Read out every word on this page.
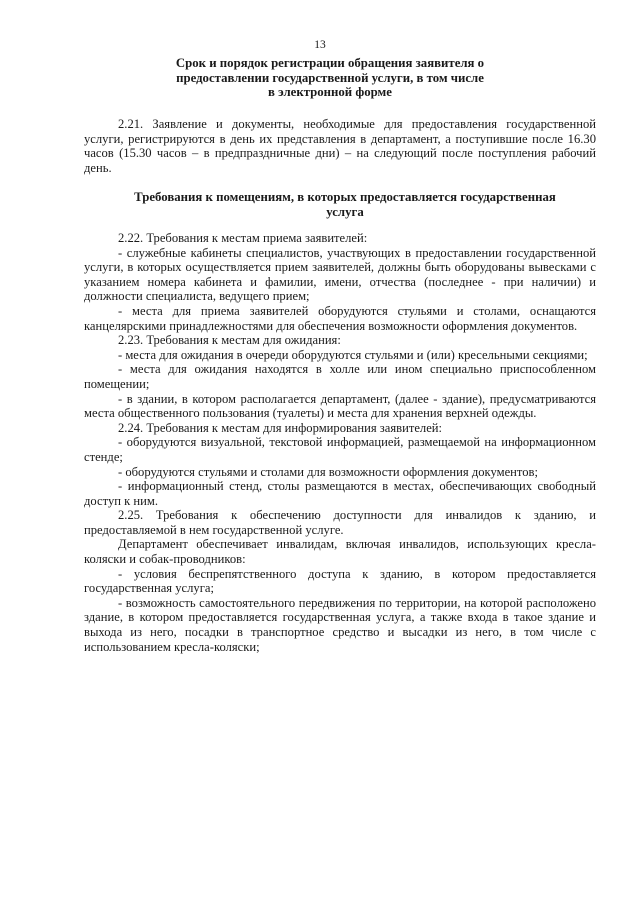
13
Срок и порядок регистрации обращения заявителя о
предоставлении государственной услуги, в том числе
в электронной форме

2.21. Заявление и документы, необходимые для предоставления государственной услуги, регистрируются в день их представления в департамент, а поступившие после 16.30 часов (15.30 часов – в предпраздничные дни) – на следующий после поступления рабочий день.

Требования к помещениям, в которых предоставляется государственная
услуга

2.22. Требования к местам приема заявителей:

- служебные кабинеты специалистов, участвующих в предоставлении государственной услуги, в которых осуществляется прием заявителей, должны быть оборудованы вывесками с указанием номера кабинета и фамилии, имени, отчества (последнее - при наличии) и должности специалиста, ведущего прием;

- места для приема заявителей оборудуются стульями и столами, оснащаются канцелярскими принадлежностями для обеспечения возможности оформления документов.

2.23. Требования к местам для ожидания:

- места для ожидания в очереди оборудуются стульями и (или) кресельными секциями;

- места для ожидания находятся в холле или ином специально приспособленном помещении;

- в здании, в котором располагается департамент, (далее - здание), предусматриваются места общественного пользования (туалеты) и места для хранения верхней одежды.

2.24. Требования к местам для информирования заявителей:

- оборудуются визуальной, текстовой информацией, размещаемой на информационном стенде;

- оборудуются стульями и столами для возможности оформления документов;

- информационный стенд, столы размещаются в местах, обеспечивающих свободный доступ к ним.

2.25. Требования к обеспечению доступности для инвалидов к зданию, и предоставляемой в нем государственной услуге.

Департамент обеспечивает инвалидам, включая инвалидов, использующих кресла-коляски и собак-проводников:

- условия беспрепятственного доступа к зданию, в котором предоставляется государственная услуга;

- возможность самостоятельного передвижения по территории, на которой расположено здание, в котором предоставляется государственная услуга, а также входа в такое здание и выхода из него, посадки в транспортное средство и высадки из него, в том числе с использованием кресла-коляски;
